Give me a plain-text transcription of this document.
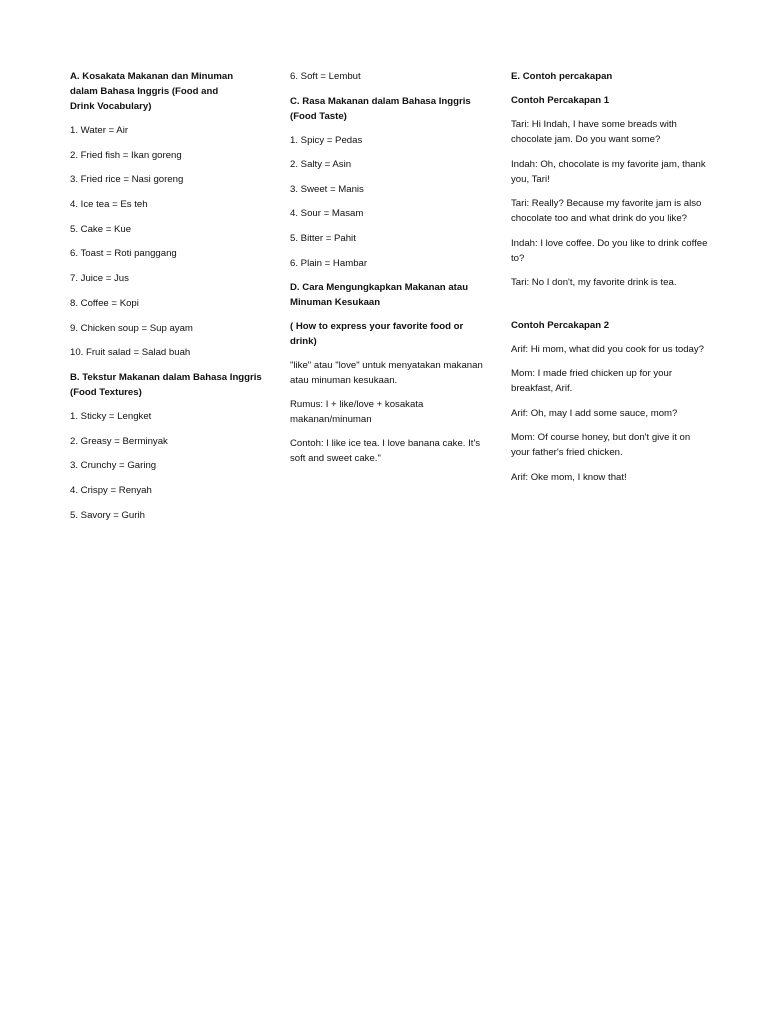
A. Kosakata Makanan dan Minuman
dalam Bahasa Inggris (Food and
Drink Vocabulary)
1. Water = Air
2. Fried fish = Ikan goreng
3. Fried rice = Nasi goreng
4. Ice tea = Es teh
5. Cake = Kue
6. Toast = Roti panggang
7. Juice = Jus
8. Coffee = Kopi
9. Chicken soup = Sup ayam
10. Fruit salad = Salad buah
B. Tekstur Makanan dalam Bahasa Inggris
(Food Textures)
1. Sticky = Lengket
2. Greasy = Berminyak
3. Crunchy = Garing
4. Crispy = Renyah
5. Savory = Gurih
6. Soft = Lembut
C. Rasa Makanan dalam Bahasa Inggris
(Food Taste)
1. Spicy = Pedas
2. Salty = Asin
3. Sweet = Manis
4. Sour = Masam
5. Bitter = Pahit
6. Plain = Hambar
D. Cara Mengungkapkan Makanan atau
Minuman Kesukaan
( How to express your favorite food or
drink)
"like" atau "love" untuk menyatakan makanan atau minuman kesukaan.
Rumus: I + like/love + kosakata makanan/minuman
Contoh: I like ice tea. I love banana cake. It's soft and sweet cake."
E. Contoh percakapan
Contoh Percakapan 1
Tari: Hi Indah, I have some breads with chocolate jam. Do you want some?
Indah: Oh, chocolate is my favorite jam, thank you, Tari!
Tari: Really? Because my favorite jam is also chocolate too and what drink do you like?
Indah: I love coffee. Do you like to drink coffee to?
Tari: No I don't, my favorite drink is tea.
Contoh Percakapan 2
Arif: Hi mom, what did you cook for us today?
Mom: I made fried chicken up for your breakfast, Arif.
Arif: Oh, may I add some sauce, mom?
Mom: Of course honey, but don't give it on your father's fried chicken.
Arif: Oke mom, I know that!
